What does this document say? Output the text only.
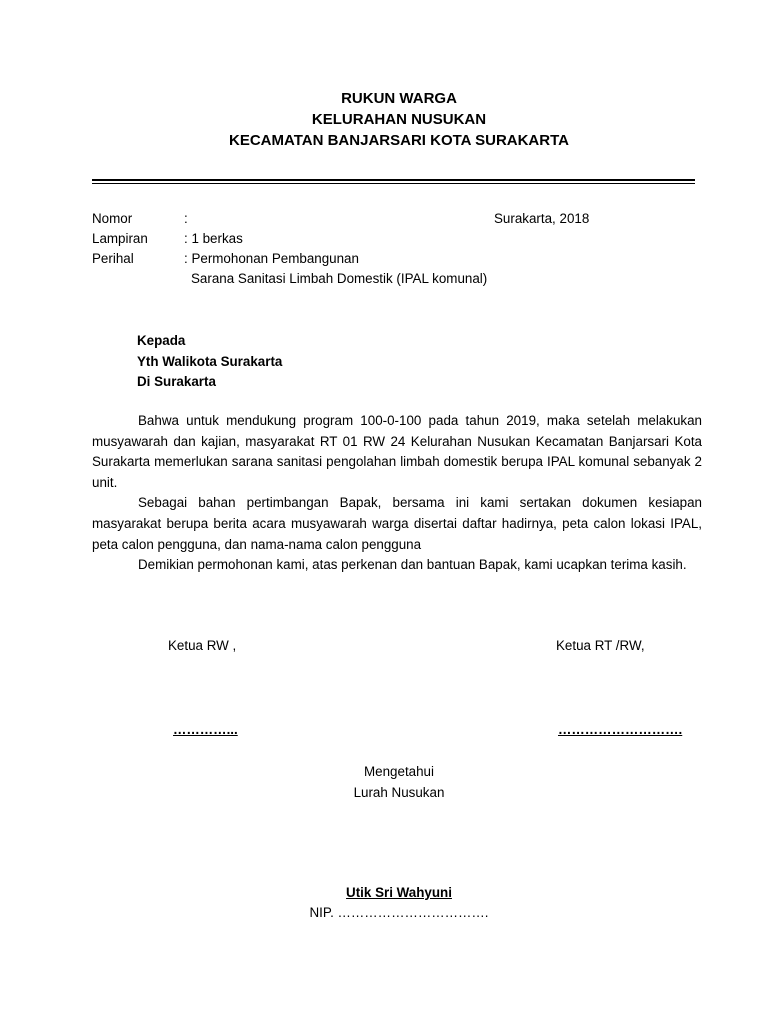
RUKUN WARGA
KELURAHAN NUSUKAN
KECAMATAN BANJARSARI KOTA SURAKARTA
Nomor	:	Surakarta, 2018
Lampiran	: 1 berkas
Perihal	: Permohonan Pembangunan
Sarana Sanitasi Limbah Domestik (IPAL komunal)
Kepada
Yth Walikota Surakarta
Di Surakarta

Bahwa untuk mendukung program 100-0-100 pada tahun 2019, maka setelah melakukan musyawarah dan kajian, masyarakat RT 01 RW 24 Kelurahan Nusukan Kecamatan Banjarsari Kota Surakarta memerlukan sarana sanitasi pengolahan limbah domestik berupa IPAL komunal sebanyak 2 unit.

Sebagai bahan pertimbangan Bapak, bersama ini kami sertakan dokumen kesiapan masyarakat berupa berita acara musyawarah warga disertai daftar hadirnya, peta calon lokasi IPAL, peta calon pengguna, dan nama-nama calon pengguna

Demikian permohonan kami, atas perkenan dan bantuan Bapak, kami ucapkan terima kasih.

Ketua RW ,	Ketua RT /RW,
…………...	……………………….
Mengetahui
Lurah Nusukan
Utik Sri Wahyuni
NIP. …………………………….
